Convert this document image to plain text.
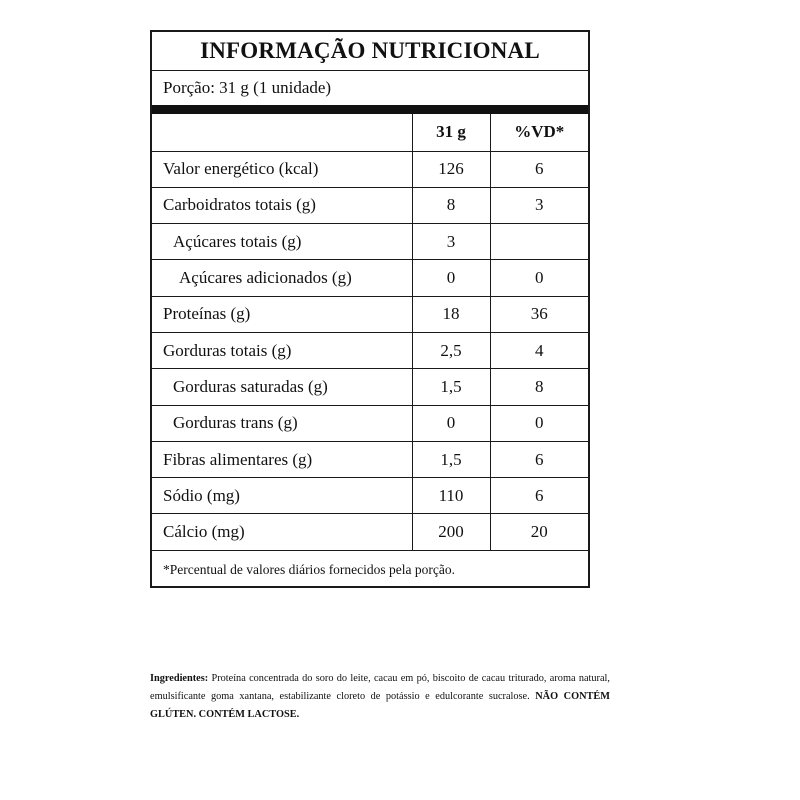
INFORMAÇÃO NUTRICIONAL
Porção: 31 g (1 unidade)
	31 g	%VD*
Valor energético (kcal)	126	6
Carboidratos totais (g)	8	3
Açúcares totais (g)	3	
Açúcares adicionados (g)	0	0
Proteínas (g)	18	36
Gorduras totais (g)	2,5	4
Gorduras saturadas (g)	1,5	8
Gorduras trans (g)	0	0
Fibras alimentares (g)	1,5	6
Sódio (mg)	110	6
Cálcio (mg)	200	20
*Percentual de valores diários fornecidos pela porção.
Ingredientes: Proteína concentrada do soro do leite, cacau em pó, biscoito de cacau triturado, aroma natural, emulsificante goma xantana, estabilizante cloreto de potássio e edulcorante sucralose. NÃO CONTÉM GLÚTEN. CONTÉM LACTOSE.
